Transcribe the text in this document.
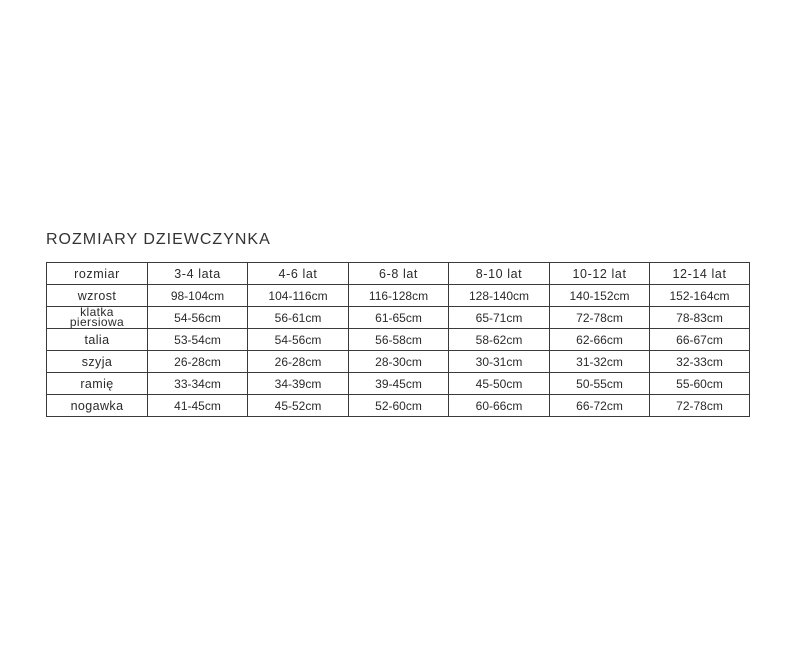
ROZMIARY DZIEWCZYNKA
rozmiar	3-4 lata	4-6 lat	6-8 lat	8-10 lat	10-12 lat	12-14 lat
wzrost	98-104cm	104-116cm	116-128cm	128-140cm	140-152cm	152-164cm

klatka
piersiowa	54-56cm	56-61cm	61-65cm	65-71cm	72-78cm	78-83cm
talia	53-54cm	54-56cm	56-58cm	58-62cm	62-66cm	66-67cm
szyja	26-28cm	26-28cm	28-30cm	30-31cm	31-32cm	32-33cm
ramię	33-34cm	34-39cm	39-45cm	45-50cm	50-55cm	55-60cm
nogawka	41-45cm	45-52cm	52-60cm	60-66cm	66-72cm	72-78cm
